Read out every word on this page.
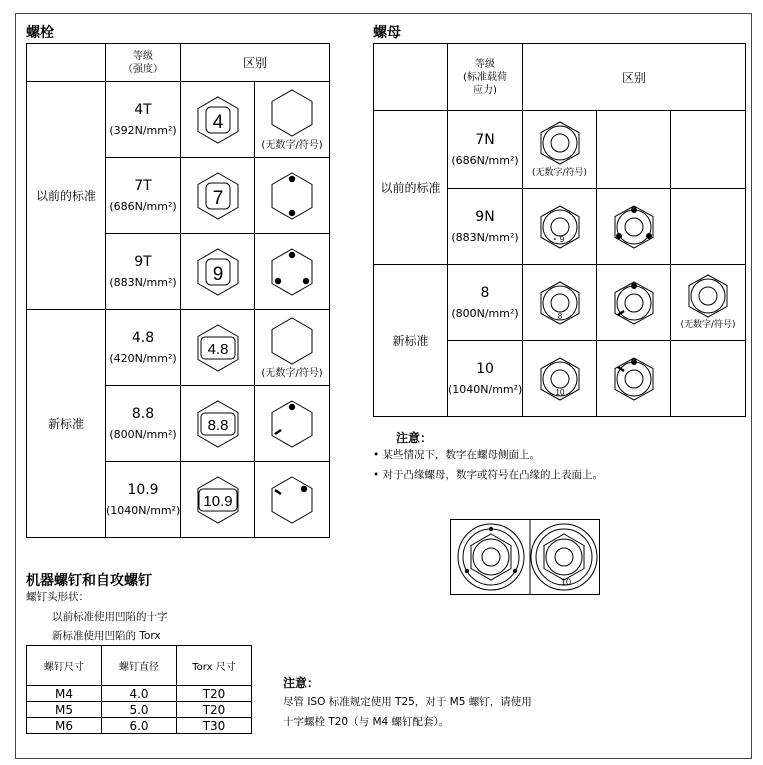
螺栓
	等级
（强度）	区别	
以前的标准	4T
(392N/mm²)	4	(无数字/符号)

	7T
(686N/mm²)	7

	9T
(883N/mm²)	9

新标准	4.8
(420N/mm²)	4.8	(无数字/符号)

	8.8
(800N/mm²)	8.8

	10.9
(1040N/mm²)	10.9

螺母
	等级
(标准载荷
应力)	区别		
以前的标准	7N
(686N/mm²)	(无数字/符号)		

	9N
(883N/mm²)	9

新标准	8
(800N/mm²)	8		(无数字/符号)

	10
(1040N/mm²)	10

注意：
• 某些情况下，数字在螺母侧面上。
• 对于凸缘螺母，数字或符号在凸缘的上表面上。
10
机器螺钉和自攻螺钉
螺钉头形状：
以前标准使用凹陷的十字
新标准使用凹陷的 Torx
螺钉尺寸	螺钉直径	Torx 尺寸
M4	4.0	T20
M5	5.0	T20
M6	6.0	T30
注意：
尽管 ISO 标准规定使用 T25，对于 M5 螺钉，请使用
十字螺栓 T20（与 M4 螺钉配套）。
